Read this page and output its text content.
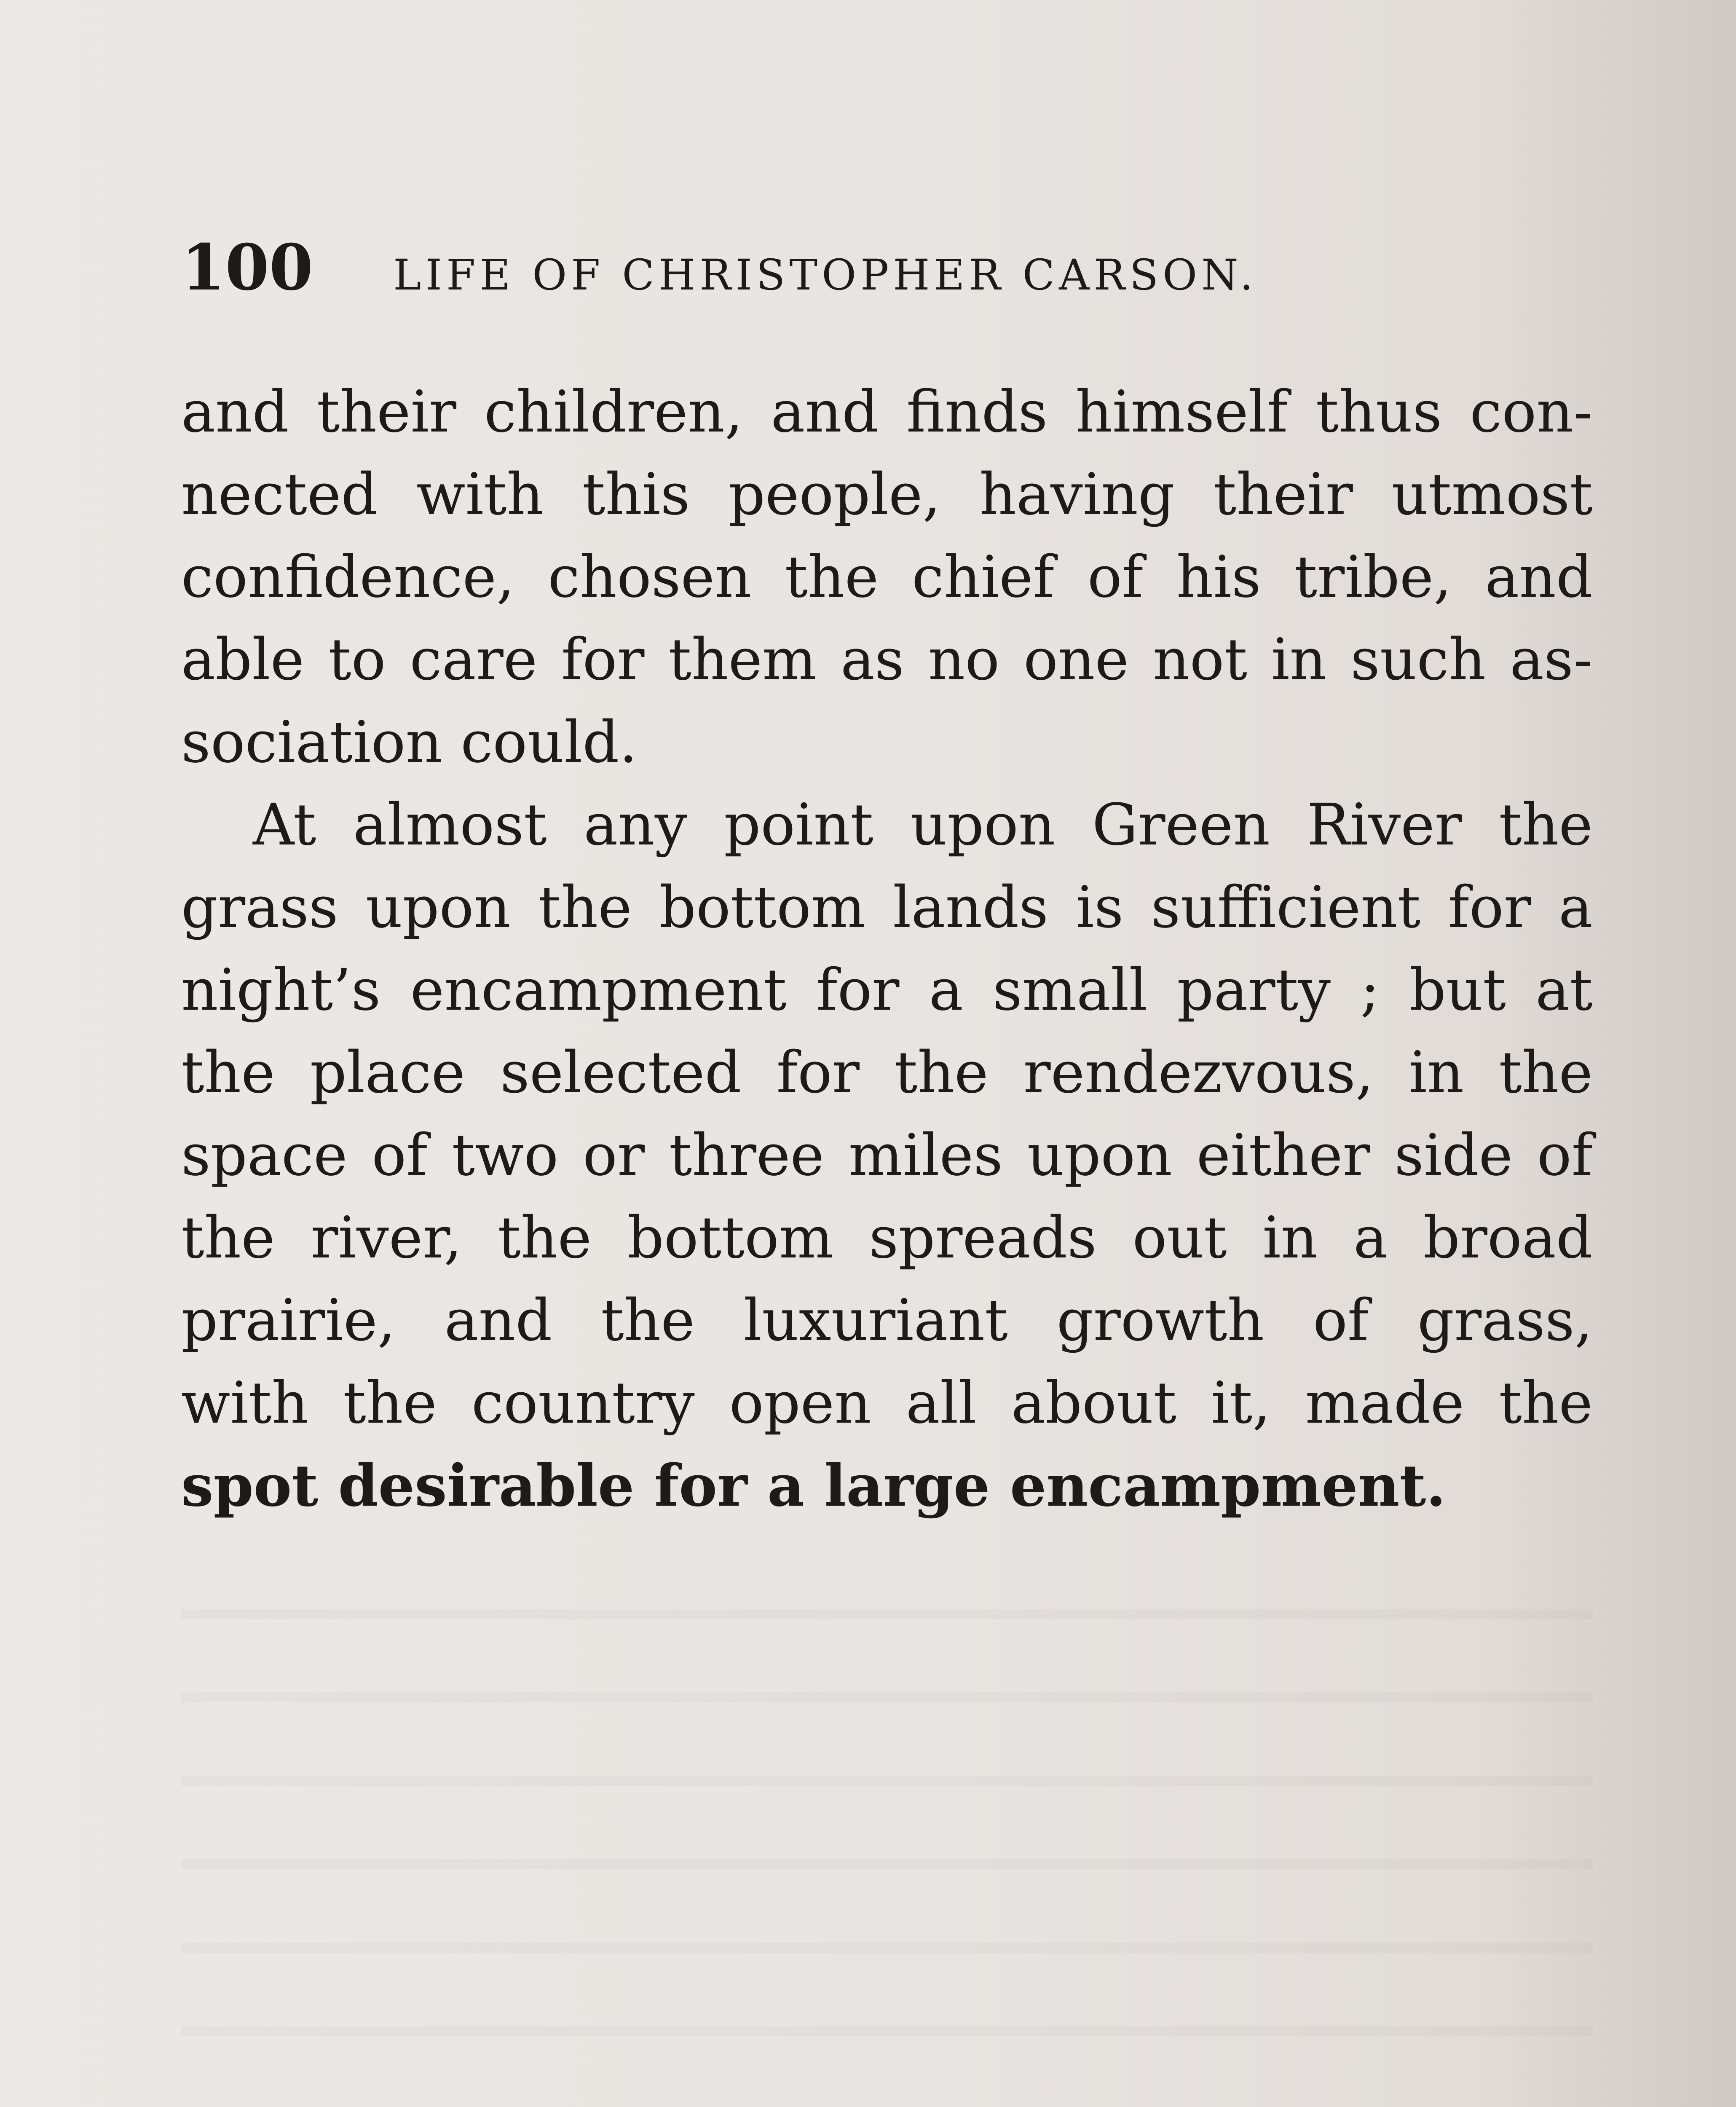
100 LIFE OF CHRISTOPHER CARSON.
and their children, and finds himself thus con-
nected with this people, having their utmost
confidence, chosen the chief of his tribe, and
able to care for them as no one not in such as-
sociation could.
At almost any point upon Green River the
grass upon the bottom lands is sufficient for a
night’s encampment for a small party ; but at
the place selected for the rendezvous, in the
space of two or three miles upon either side of
the river, the bottom spreads out in a broad
prairie, and the luxuriant growth of grass,
with the country open all about it, made the
spot desirable for a large encampment.
